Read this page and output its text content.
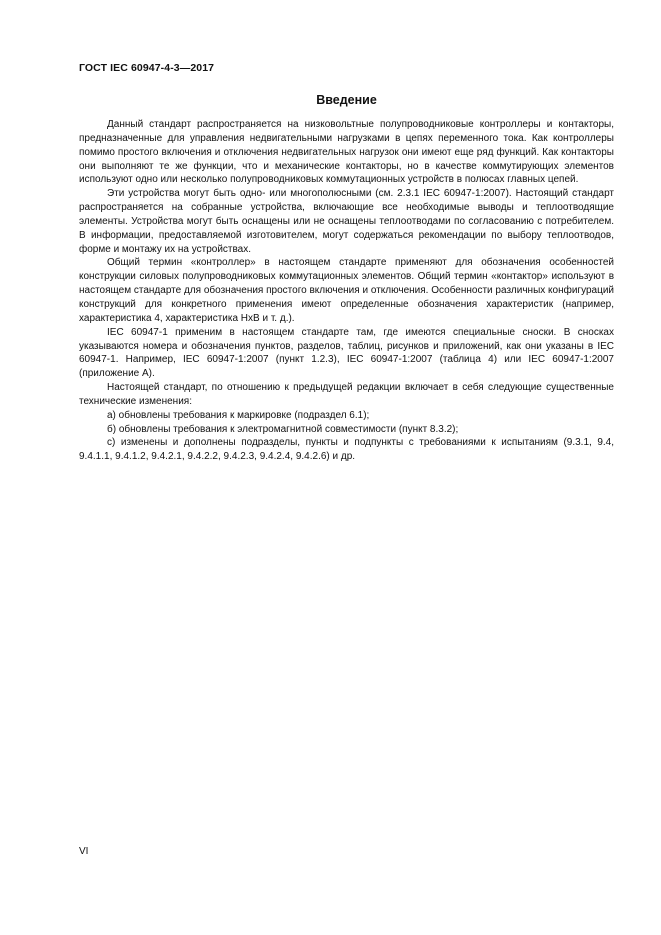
ГОСТ IEC 60947-4-3—2017
Введение

Данный стандарт распространяется на низковольтные полупроводниковые контроллеры и контакторы, предназначенные для управления недвигательными нагрузками в цепях переменного тока. Как контроллеры помимо простого включения и отключения недвигательных нагрузок они имеют еще ряд функций. Как контакторы они выполняют те же функции, что и механические контакторы, но в качестве коммутирующих элементов используют одно или несколько полупроводниковых коммутационных устройств в полюсах главных цепей.

Эти устройства могут быть одно- или многополюсными (см. 2.3.1 IEC 60947-1:2007). Настоящий стандарт распространяется на собранные устройства, включающие все необходимые выводы и теплоотводящие элементы. Устройства могут быть оснащены или не оснащены теплоотводами по согласованию с потребителем. В информации, предоставляемой изготовителем, могут содержаться рекомендации по выбору теплоотводов, форме и монтажу их на устройствах.

Общий термин «контроллер» в настоящем стандарте применяют для обозначения особенностей конструкции силовых полупроводниковых коммутационных элементов. Общий термин «контактор» используют в настоящем стандарте для обозначения простого включения и отключения. Особенности различных конфигураций конструкций для конкретного применения имеют определенные обозначения характеристик (например, характеристика 4, характеристика HxB и т. д.).

IEC 60947-1 применим в настоящем стандарте там, где имеются специальные сноски. В сносках указываются номера и обозначения пунктов, разделов, таблиц, рисунков и приложений, как они указаны в IEC 60947-1. Например, IEC 60947-1:2007 (пункт 1.2.3), IEC 60947-1:2007 (таблица 4) или IEC 60947-1:2007 (приложение А).

Настоящей стандарт, по отношению к предыдущей редакции включает в себя следующие существенные технические изменения:

а) обновлены требования к маркировке (подраздел 6.1);

б) обновлены требования к электромагнитной совместимости (пункт 8.3.2);

с) изменены и дополнены подразделы, пункты и подпункты с требованиями к испытаниям (9.3.1, 9.4, 9.4.1.1, 9.4.1.2, 9.4.2.1, 9.4.2.2, 9.4.2.3, 9.4.2.4, 9.4.2.6) и др.

VI
